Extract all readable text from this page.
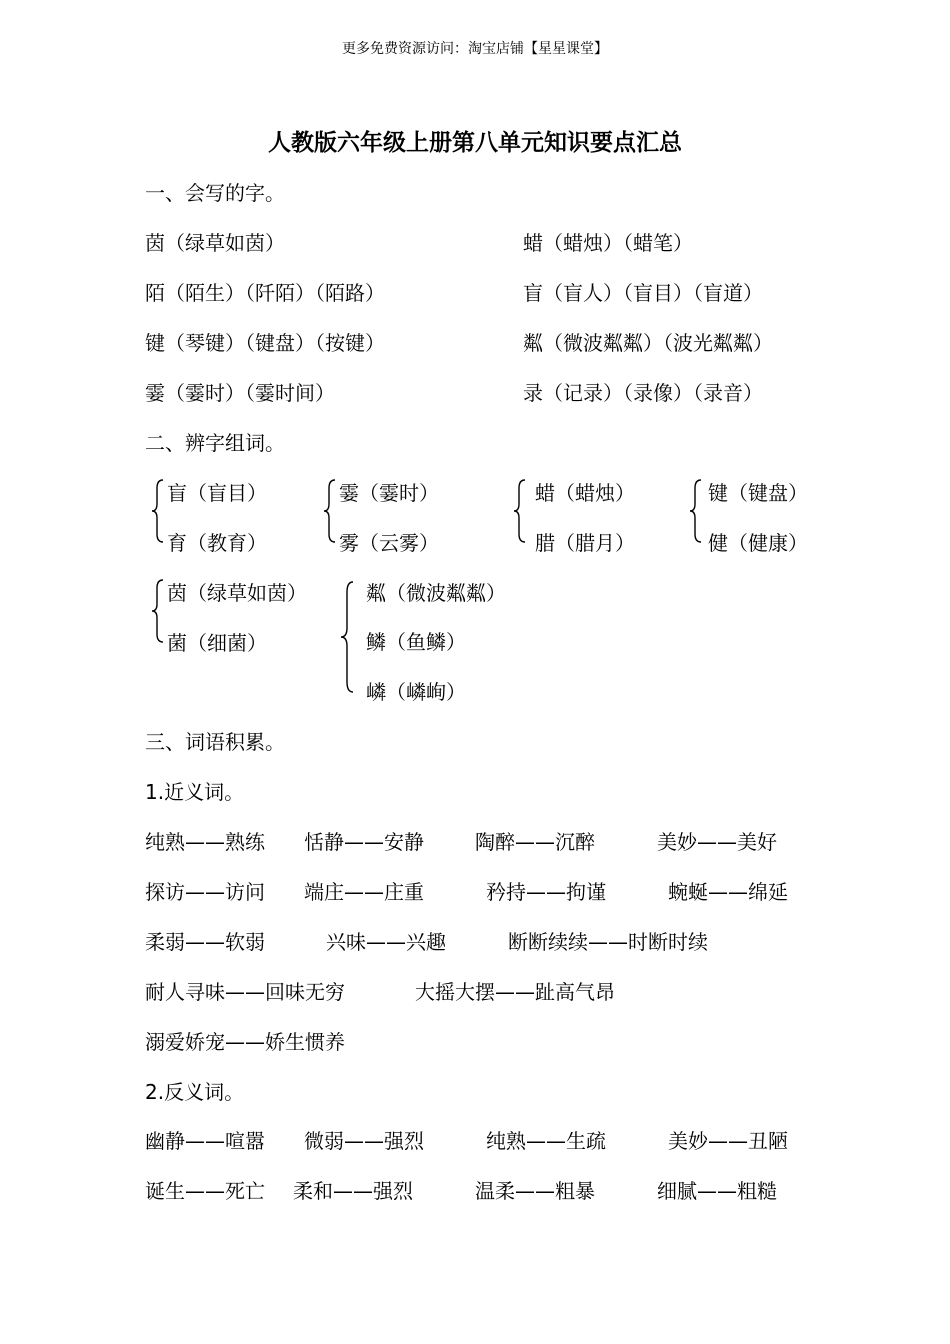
更多免费资源访问：淘宝店铺【星星课堂】
人教版六年级上册第八单元知识要点汇总
一、会写的字。
茵（绿草如茵）	蜡（蜡烛）（蜡笔）
陌（陌生）（阡陌）（陌路）	盲（盲人）（盲目）（盲道）
键（琴键）（键盘）（按键）	粼（微波粼粼）（波光粼粼）
霎（霎时）（霎时间）	录（记录）（录像）（录音）
二、辨字组词。
盲（盲目）
育（教育）
霎（霎时）
雾（云雾）
蜡（蜡烛）
腊（腊月）
键（键盘）
健（健康）
茵（绿草如茵）
菌（细菌）
粼（微波粼粼）
鳞（鱼鳞）
嶙（嶙峋）
三、词语积累。
1.近义词。
纯熟——熟练 恬静——安静	陶醉——沉醉	美妙——美好
探访——访问 端庄——庄重	矜持——拘谨	蜿蜒——绵延
柔弱——软弱	兴味——兴趣	断断续续——时断时续
耐人寻味——回味无穷	大摇大摆——趾高气昂
溺爱娇宠——娇生惯养
2.反义词。
幽静——喧嚣 微弱——强烈	纯熟——生疏	美妙——丑陋
诞生——死亡 柔和——强烈	温柔——粗暴	细腻——粗糙
